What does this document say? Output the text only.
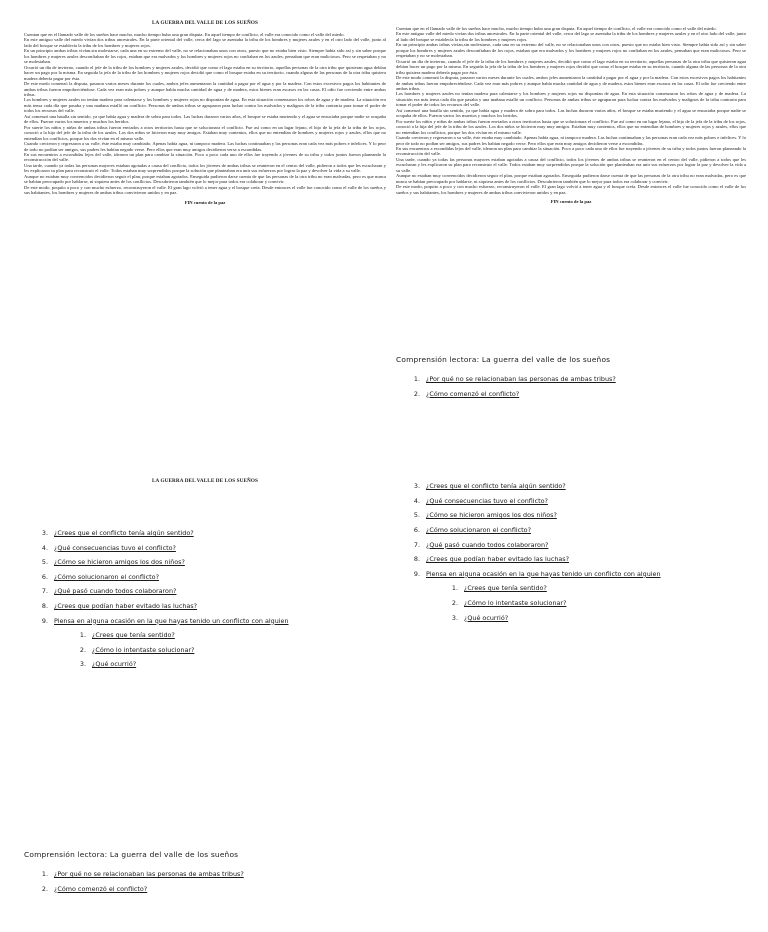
LA GUERRA DEL VALLE DE LOS SUEÑOS

Cuentan que en el llamado valle de los sueños hace mucho, mucho tiempo hubo una gran disputa. En aquel tiempo de conflicto, el valle era conocido como el valle del miedo.

En este antiguo valle del miedo vivían dos tribus ancestrales. En la parte oriental del valle, cerca del lago se asentaba la tribu de los hombres y mujeres azules y en el otro lado del valle, junto al lado del bosque se establecía la tribu de los hombres y mujeres rojos.

En un principio ambas tribus vivían,sin molestarse, cada una en su extremo del valle, no se relacionaban unos con otros, puesto que no estaba bien visto. Siempre había sido así y sin saber porque los hombres y mujeres azules desconfiaban de los rojos, estaban que era malvados y los hombres y mujeres rojos no confiaban en los azules, pensaban que eran maliciosos. Pero se respetaban y no se molestaban.

Ocurrió un día de invierno, cuando el jefe de la tribu de los hombres y mujeres azules, decidió que como el lago estaba en su territorio, aquellas personas de la otra tribu que quisieran agua debían hacer un pago por la misma. En seguida la jefa de la tribu de los hombres y mujeres rojos decidió que como el bosque estaba en su territorio, cuando alguna de las personas de la otra tribu quisiera madera debería pagar por ésta.

De este modo comenzó la disputa, pasaron varios meses durante los cuales, ambos jefes aumentaron la cantidad a pagar por el agua y por la madera. Con estos excesivos pagos los habitantes de ambas tribus fueron empobreciéndose. Cada vez eran más pobres y aunque había mucha cantidad de agua y de madera, estos bienes eran escasos en las casas. El odio fue creciendo entre ambas tribus.

Los hombres y mujeres azules no tenían madera para calentarse y los hombres y mujeres rojos no disponían de agua. En esta situación comenzaron los robos de agua y de madera. La situación era más tensa cada día que pasaba y una mañana estalló un conflicto. Personas de ambas tribus se agruparon para luchar contra los malvados y malignos de la tribu contraria para tomar el poder de todos los recursos del valle.

Así comenzó una batalla sin sentido, ya que había agua y madera de sobra para todos. Las luchas duraron varios años, el bosque se estaba muriendo y el agua se ensuciaba porque nadie se ocupaba de ellos. Fueron varios los muertos y muchos los heridos.

Por suerte los niños y niñas de ambas tribus fueron enviados a otros territorios hasta que se solucionara el conflicto. Fue así como en un lugar lejano, el hijo de la jefa de la tribu de los rojos, conoció a la hija del jefe de la tribu de los azules. Los dos niños se hicieron muy muy amigos. Estaban muy contentos, ellos que no entendían de hombres y mujeres rojos y azules, ellos que no entendían los conflictos, porque los dos vivían en el mismo valle.

Cuando crecieron y regresaron a su valle, éste estaba muy cambiado. Apenas había agua, ni tampoco madera. Las luchas continuaban y las personas eran cada vez más pobres e infelices. Y lo peor de todo no podían ser amigos, sus padres les habían negado verse. Pero ellos que eran muy amigos decidieron verse a escondidas.

En sus encuentros a escondidas lejos del valle, idearon un plan para cambiar la situación. Poco a poco cada uno de ellos fue trayendo a jóvenes de su tribu y todos juntos fueron planeando la reconstrucción del valle.

Una tarde, cuando ya todas las personas mayores estaban agotadas a causa del conflicto, todos los jóvenes de ambas tribus se reunieron en el centro del valle, pidieron a todos que les escucharan y les explicaron su plan para reconstruir el valle. Todos estaban muy sorprendidos porque la solución que planteaban era unir sus esfuerzos por lograr la paz y devolver la vida a su valle.

Aunque no estaban muy convencidos decidieron seguir el plan, porque estaban agotados. Enseguida pudieron darse cuenta de que las personas de la otra tribu no eran malvadas, pero es que nunca se habían preocupado por hablarse, ni siquiera antes de los conflictos. Descubrieron también que lo mejor para todos era colaborar y convivir.

De este modo, poquito a poco y con mucho esfuerzo, reconstruyeron el valle. El gran lago volvió a tener agua y el bosque creía. Desde entonces el valle fue conocido como el valle de los sueños y sus habitantes, los hombres y mujeres de ambas tribus convivieron unidos y en paz.

FIN cuento de la paz

Cuentan que en el llamado valle de los sueños hace mucho, mucho tiempo hubo una gran disputa. En aquel tiempo de conflicto, el valle era conocido como el valle del miedo.

En este antiguo valle del miedo vivían dos tribus ancestrales. En la parte oriental del valle, cerca del lago se asentaba la tribu de los hombres y mujeres azules y en el otro lado del valle, junto al lado del bosque se establecía la tribu de los hombres y mujeres rojos.

En un principio ambas tribus vivían,sin molestarse, cada una en su extremo del valle, no se relacionaban unos con otros, puesto que no estaba bien visto. Siempre había sido así y sin saber porque los hombres y mujeres azules desconfiaban de los rojos, estaban que era malvados y los hombres y mujeres rojos no confiaban en los azules, pensaban que eran maliciosos. Pero se respetaban y no se molestaban.

Ocurrió un día de invierno, cuando el jefe de la tribu de los hombres y mujeres azules, decidió que como el lago estaba en su territorio, aquellas personas de la otra tribu que quisieran agua debían hacer un pago por la misma. En seguida la jefa de la tribu de los hombres y mujeres rojos decidió que como el bosque estaba en su territorio, cuando alguna de las personas de la otra tribu quisiera madera debería pagar por ésta.

De este modo comenzó la disputa, pasaron varios meses durante los cuales, ambos jefes aumentaron la cantidad a pagar por el agua y por la madera. Con estos excesivos pagos los habitantes de ambas tribus fueron empobreciéndose. Cada vez eran más pobres y aunque había mucha cantidad de agua y de madera, estos bienes eran escasos en las casas. El odio fue creciendo entre ambas tribus.

Los hombres y mujeres azules no tenían madera para calentarse y los hombres y mujeres rojos no disponían de agua. En esta situación comenzaron los robos de agua y de madera. La situación era más tensa cada día que pasaba y una mañana estalló un conflicto. Personas de ambas tribus se agruparon para luchar contra los malvados y malignos de la tribu contraria para tomar el poder de todos los recursos del valle.

Así comenzó una batalla sin sentido, ya que había agua y madera de sobra para todos. Las luchas duraron varios años, el bosque se estaba muriendo y el agua se ensuciaba porque nadie se ocupaba de ellos. Fueron varios los muertos y muchos los heridos.

Por suerte los niños y niñas de ambas tribus fueron enviados a otros territorios hasta que se solucionara el conflicto. Fue así como en un lugar lejano, el hijo de la jefa de la tribu de los rojos, conoció a la hija del jefe de la tribu de los azules. Los dos niños se hicieron muy muy amigos. Estaban muy contentos, ellos que no entendían de hombres y mujeres rojos y azules, ellos que no entendían los conflictos, porque los dos vivían en el mismo valle.

Cuando crecieron y regresaron a su valle, éste estaba muy cambiado. Apenas había agua, ni tampoco madera. Las luchas continuaban y las personas eran cada vez más pobres e infelices. Y lo peor de todo no podían ser amigos, sus padres les habían negado verse. Pero ellos que eran muy amigos decidieron verse a escondidas.

En sus encuentros a escondidas lejos del valle, idearon un plan para cambiar la situación. Poco a poco cada uno de ellos fue trayendo a jóvenes de su tribu y todos juntos fueron planeando la reconstrucción del valle.

Una tarde, cuando ya todas las personas mayores estaban agotadas a causa del conflicto, todos los jóvenes de ambas tribus se reunieron en el centro del valle, pidieron a todos que les escucharan y les explicaron su plan para reconstruir el valle. Todos estaban muy sorprendidos porque la solución que planteaban era unir sus esfuerzos por lograr la paz y devolver la vida a su valle.

Aunque no estaban muy convencidos decidieron seguir el plan, porque estaban agotados. Enseguida pudieron darse cuenta de que las personas de la otra tribu no eran malvadas, pero es que nunca se habían preocupado por hablarse, ni siquiera antes de los conflictos. Descubrieron también que lo mejor para todos era colaborar y convivir.

De este modo, poquito a poco y con mucho esfuerzo, reconstruyeron el valle. El gran lago volvió a tener agua y el bosque creía. Desde entonces el valle fue conocido como el valle de los sueños y sus habitantes, los hombres y mujeres de ambas tribus convivieron unidos y en paz.

FIN cuento de la paz
LA GUERRA DEL VALLE DE LOS SUEÑOS
3. ¿Crees que el conflicto tenía algún sentido?
4. ¿Qué consecuencias tuvo el conflicto?
5. ¿Cómo se hicieron amigos los dos niños?
6. ¿Cómo solucionaron el conflicto?
7. ¿Qué pasó cuando todos colaboraron?
8. ¿Crees que podían haber evitado las luchas?
9. Piensa en alguna ocasión en la que hayas tenido un conflicto con alguien
1. ¿Crees que tenía sentido?
2. ¿Cómo lo intentaste solucionar?
3. ¿Qué ocurrió?
Comprensión lectora: La guerra del valle de los sueños
1. ¿Por qué no se relacionaban las personas de ambas tribus?
2. ¿Cómo comenzó el conflicto?
3. ¿Crees que el conflicto tenía algún sentido?
4. ¿Qué consecuencias tuvo el conflicto?
5. ¿Cómo se hicieron amigos los dos niños?
6. ¿Cómo solucionaron el conflicto?
7. ¿Qué pasó cuando todos colaboraron?
8. ¿Crees que podían haber evitado las luchas?
9. Piensa en alguna ocasión en la que hayas tenido un conflicto con alguien
1. ¿Crees que tenía sentido?
2. ¿Cómo lo intentaste solucionar?
3. ¿Qué ocurrió?
Comprensión lectora: La guerra del valle de los sueños
1. ¿Por qué no se relacionaban las personas de ambas tribus?
2. ¿Cómo comenzó el conflicto?
